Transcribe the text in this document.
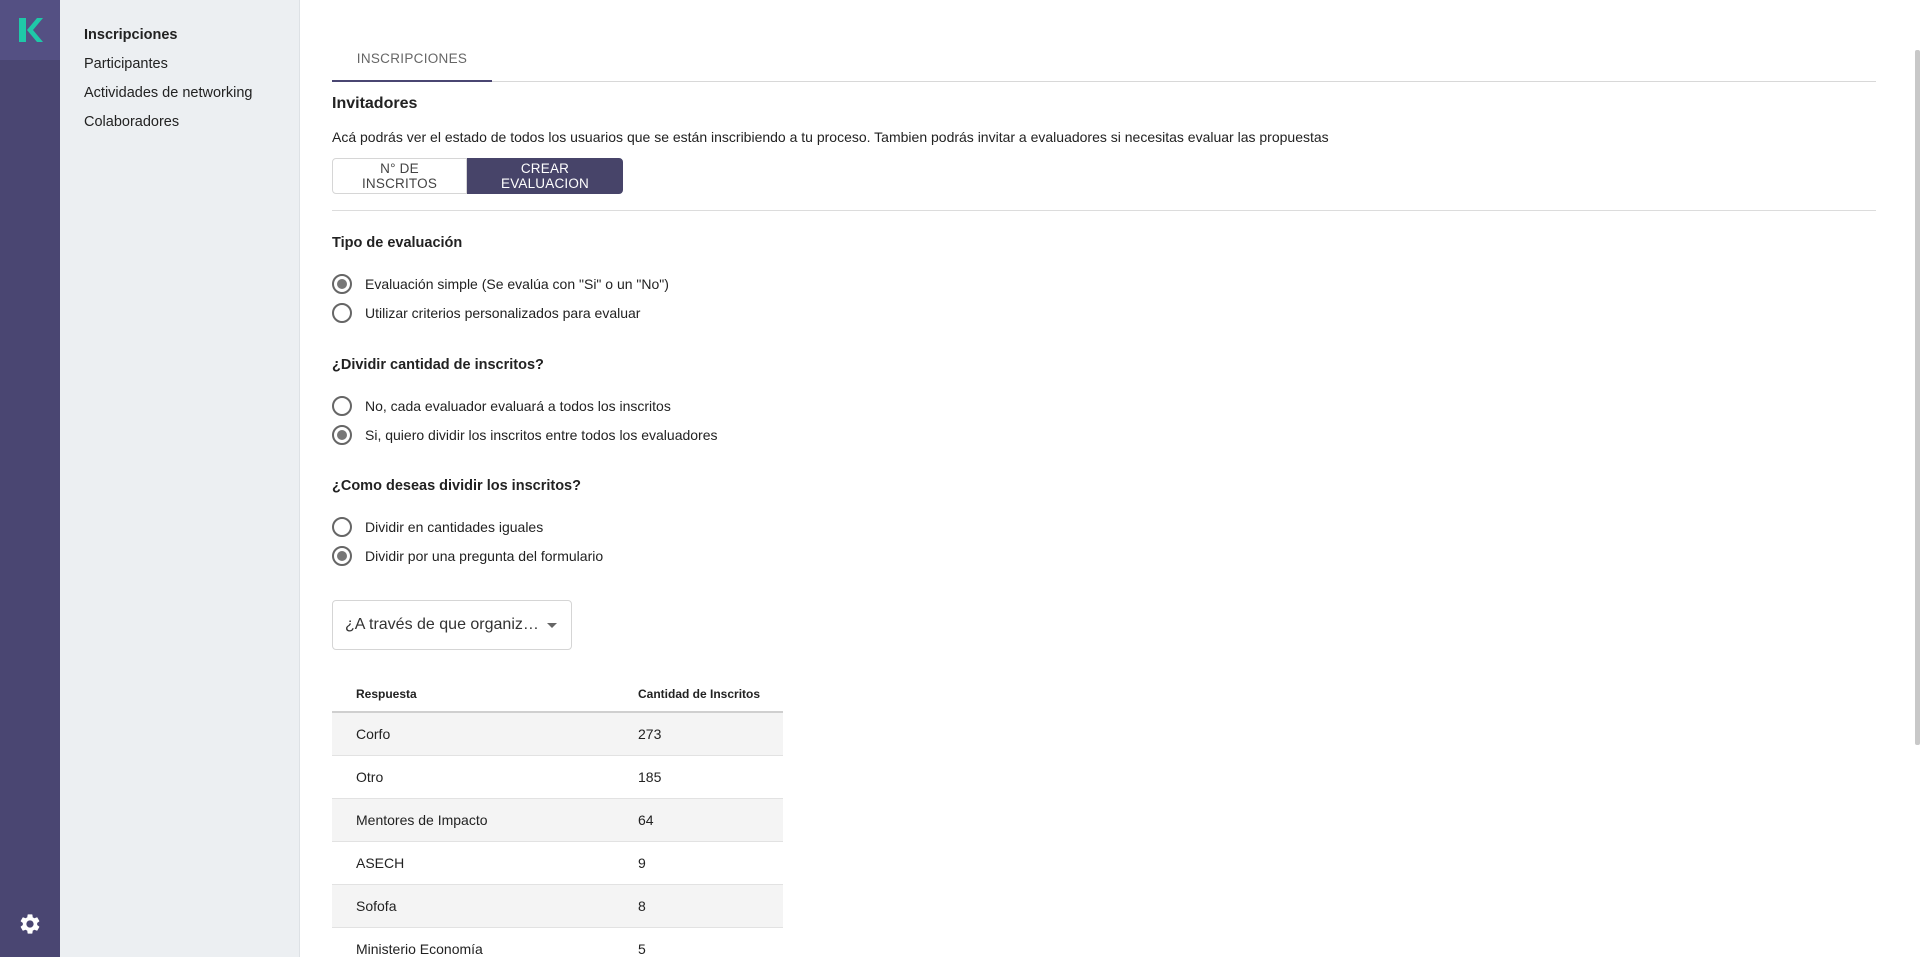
Inscripciones
Participantes
Actividades de networking
Colaboradores
INSCRIPCIONES
Invitadores

Acá podrás ver el estado de todos los usuarios que se están inscribiendo a tu proceso. Tambien podrás invitar a evaluadores si necesitas evaluar las propuestas

N° DE INSCRITOS
CREAR EVALUACION
Tipo de evaluación
Evaluación simple (Se evalúa con "Si" o un "No")
Utilizar criterios personalizados para evaluar
¿Dividir cantidad de inscritos?
No, cada evaluador evaluará a todos los inscritos
Si, quiero dividir los inscritos entre todos los evaluadores
¿Como deseas dividir los inscritos?
Dividir en cantidades iguales
Dividir por una pregunta del formulario
¿A través de que organiza...
Respuesta	Cantidad de Inscritos
Corfo	273
Otro	185
Mentores de Impacto	64
ASECH	9
Sofofa	8
Ministerio Economía	5
